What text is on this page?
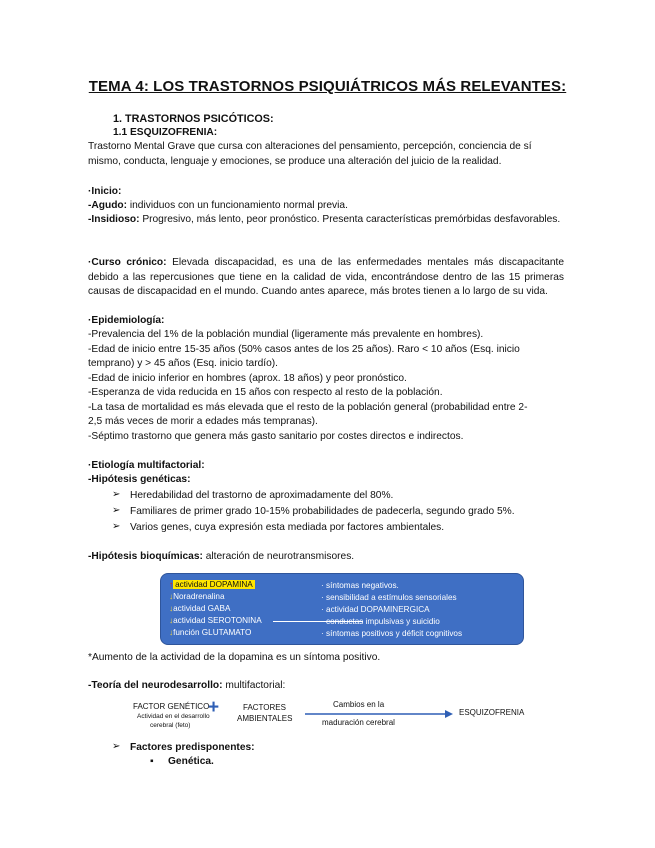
TEMA 4: LOS TRASTORNOS PSIQUIÁTRICOS MÁS RELEVANTES:
1. TRASTORNOS PSICÓTICOS:
1.1 ESQUIZOFRENIA:
Trastorno Mental Grave que cursa con alteraciones del pensamiento, percepción, conciencia de sí
mismo, conducta, lenguaje y emociones, se produce una alteración del juicio de la realidad.
·Inicio:
-Agudo: individuos con un funcionamiento normal previa.
-Insidioso: Progresivo, más lento, peor pronóstico. Presenta características premórbidas desfavorables.
·Curso crónico: Elevada discapacidad, es una de las enfermedades mentales más discapacitante debido a las repercusiones que tiene en la calidad de vida, encontrándose dentro de las 15 primeras causas de discapacidad en el mundo. Cuando antes aparece, más brotes tienen a lo largo de su vida.
·Epidemiología:
-Prevalencia del 1% de la población mundial (ligeramente más prevalente en hombres).
-Edad de inicio entre 15-35 años (50% casos antes de los 25 años). Raro < 10 años (Esq. inicio
temprano) y > 45 años (Esq. inicio tardío).
-Edad de inicio inferior en hombres (aprox. 18 años) y peor pronóstico.
-Esperanza de vida reducida en 15 años con respecto al resto de la población.
-La tasa de mortalidad es más elevada que el resto de la población general (probabilidad entre 2-
2,5 más veces de morir a edades más tempranas).
-Séptimo trastorno que genera más gasto sanitario por costes directos e indirectos.
·Etiología multifactorial:
-Hipótesis genéticas:
➢ Heredabilidad del trastorno de aproximadamente del 80%.
➢ Familiares de primer grado 10-15% probabilidades de padecerla, segundo grado 5%.
➢ Varios genes, cuya expresión esta mediada por factores ambientales.
-Hipótesis bioquímicas: alteración de neurotransmisores.
↑ actividad DOPAMINA
↓Noradrenalina
↓actividad GABA
↓actividad SEROTONINA
↓función GLUTAMATO
· síntomas negativos.
· sensibilidad a estímulos sensoriales
· actividad DOPAMINERGICA
· conductas impulsivas y suicidio
· síntomas positivos y déficit cognitivos
*Aumento de la actividad de la dopamina es un síntoma positivo.
-Teoría del neurodesarrollo: multifactorial:
FACTOR GENÉTICO
Actividad en el desarrollo
cerebral (feto)
+	FACTORES
AMBIENTALES
Cambios en la
maduración cerebral
ESQUIZOFRENIA
➢ Factores predisponentes:
▪ Genética.
